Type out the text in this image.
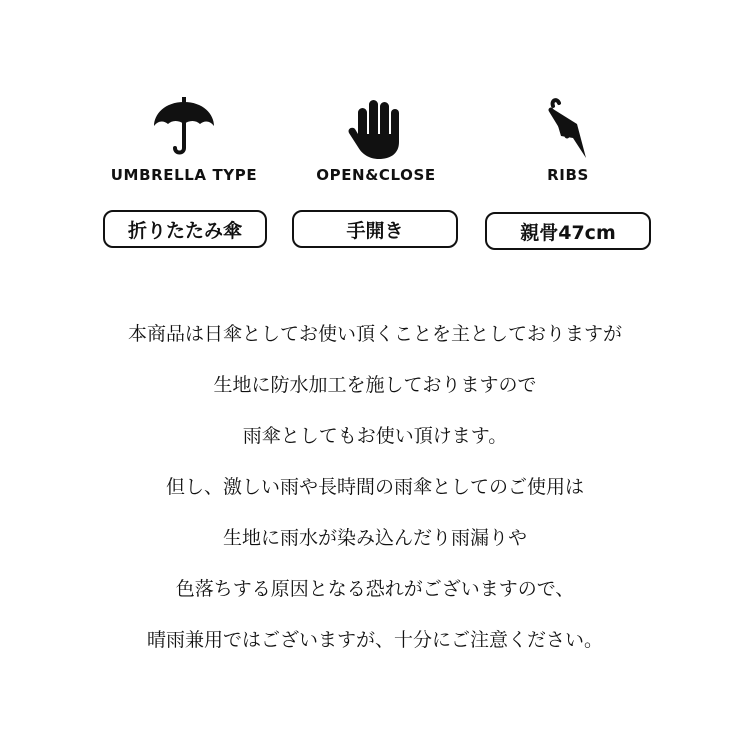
UMBRELLA TYPE
折りたたみ傘
OPEN&CLOSE
手開き
RIBS
親骨47cm
本商品は日傘としてお使い頂くことを主としておりますが
生地に防水加工を施しておりますので
雨傘としてもお使い頂けます。
但し、激しい雨や長時間の雨傘としてのご使用は
生地に雨水が染み込んだり雨漏りや
色落ちする原因となる恐れがございますので、
晴雨兼用ではございますが、十分にご注意ください。
